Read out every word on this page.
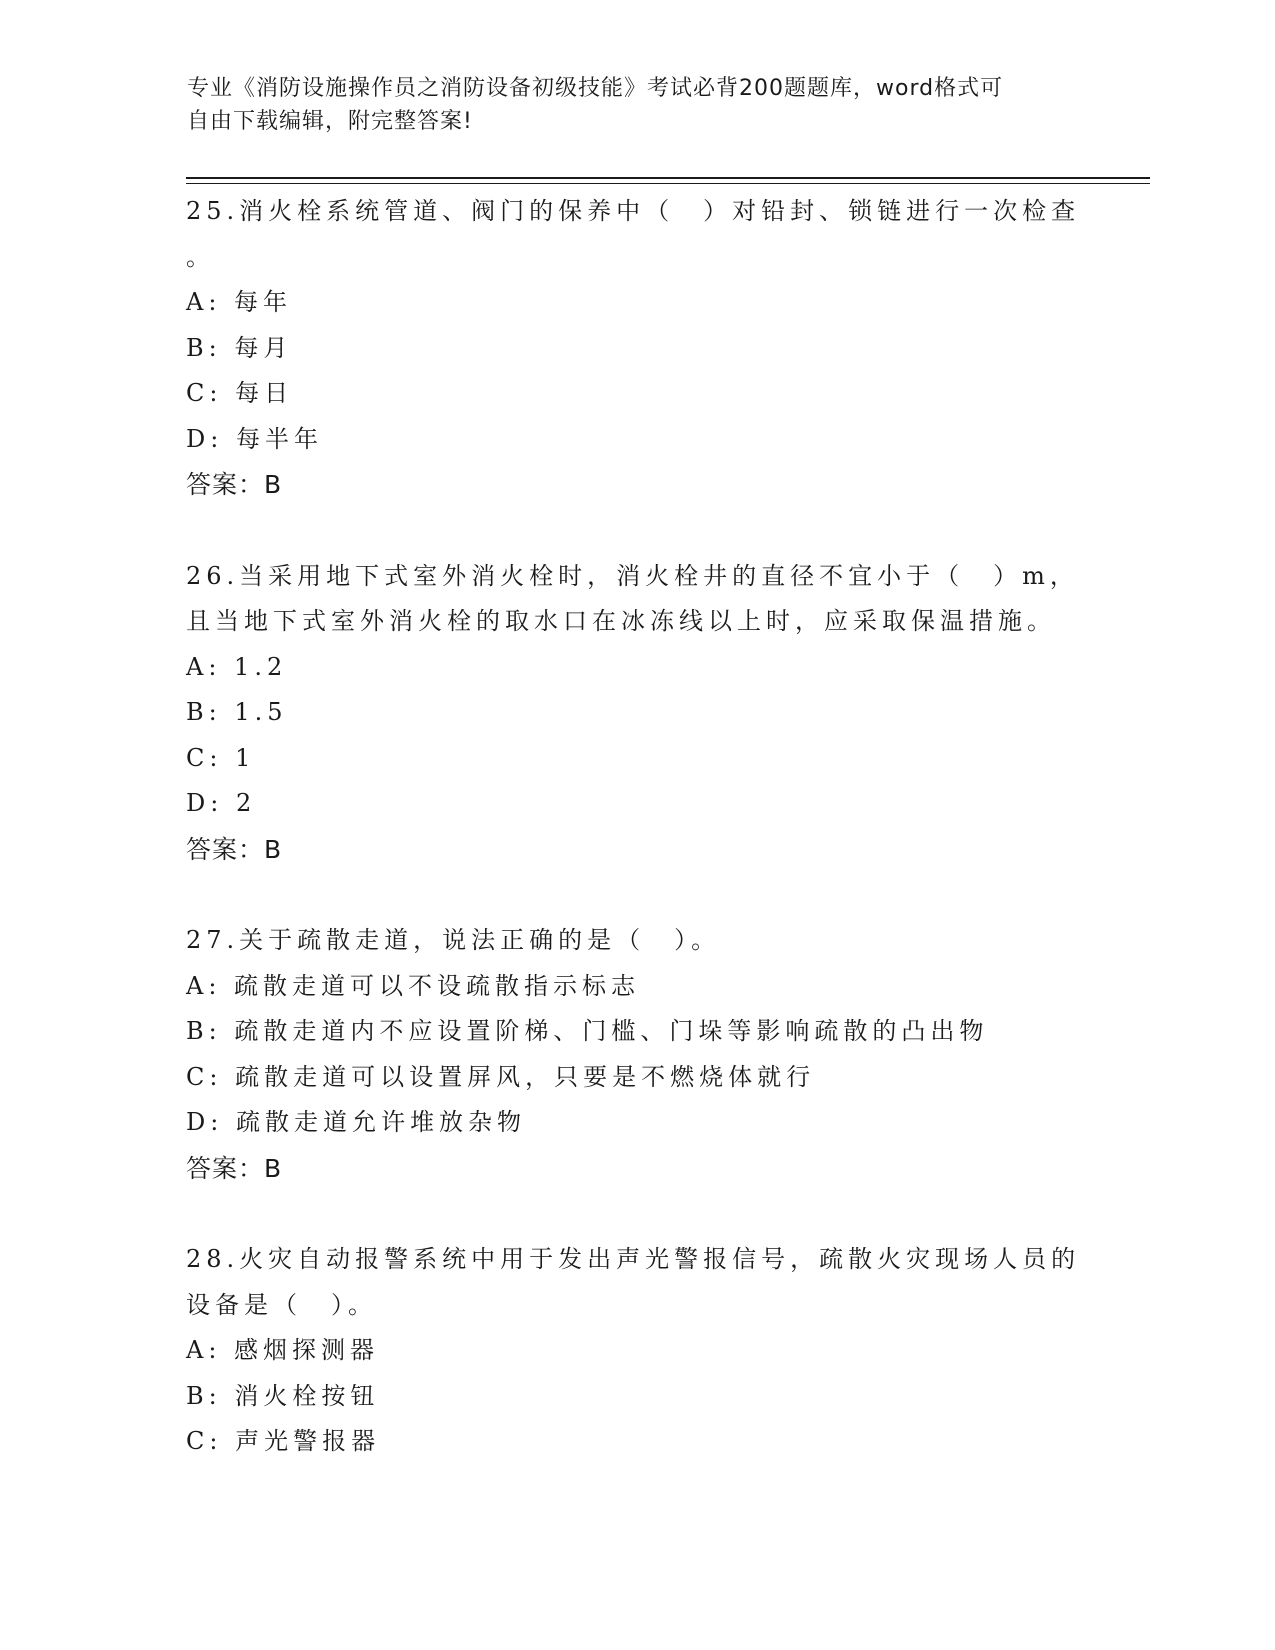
专业《消防设施操作员之消防设备初级技能》考试必背200题题库，word格式可
自由下载编辑，附完整答案!
25.消火栓系统管道、阀门的保养中（　）对铅封、锁链进行一次检查
。
A: 每年
B: 每月
C: 每日
D: 每半年
答案：B
26.当采用地下式室外消火栓时，消火栓井的直径不宜小于（　）m，
且当地下式室外消火栓的取水口在冰冻线以上时，应采取保温措施。
A: 1.2
B: 1.5
C: 1
D: 2
答案：B
27.关于疏散走道，说法正确的是（　）。
A: 疏散走道可以不设疏散指示标志
B: 疏散走道内不应设置阶梯、门槛、门垛等影响疏散的凸出物
C: 疏散走道可以设置屏风，只要是不燃烧体就行
D: 疏散走道允许堆放杂物
答案：B
28.火灾自动报警系统中用于发出声光警报信号，疏散火灾现场人员的
设备是（　）。
A: 感烟探测器
B: 消火栓按钮
C: 声光警报器
